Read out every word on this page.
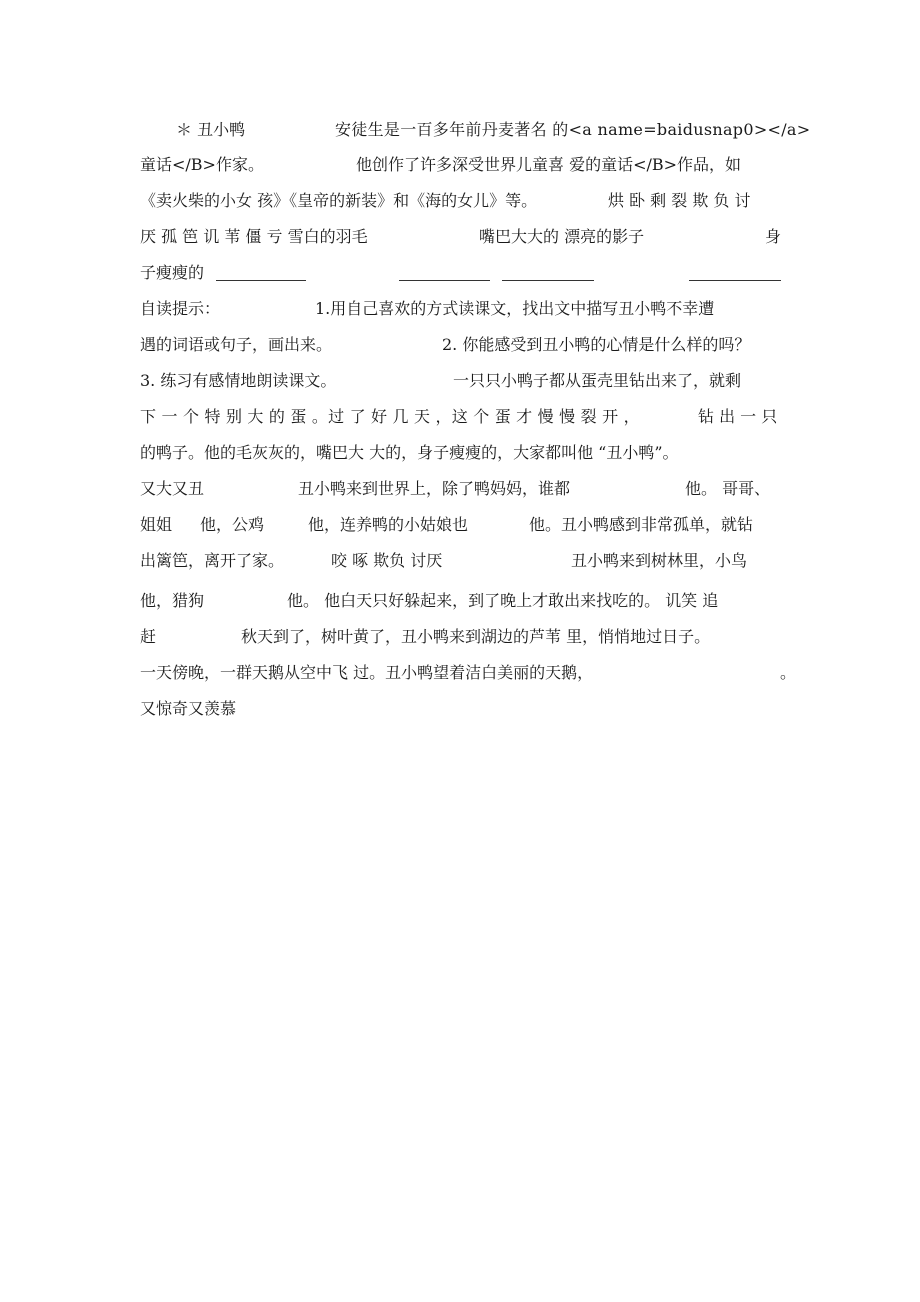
＊ 丑小鸭	安徒生是一百多年前丹麦著名 的<a name=baidusnap0></a>
童话</B>作家。	他创作了许多深受世界儿童喜 爱的童话</B>作品，如
《卖火柴的小女 孩》《皇帝的新装》和《海的女儿》等。	烘 卧 剩 裂 欺 负 讨
厌 孤 笆 讥 苇 僵 亏 雪白的羽毛	嘴巴大大的 漂亮的影子	身
子瘦瘦的
自读提示：	1.用自己喜欢的方式读课文，找出文中描写丑小鸭不幸遭
遇的词语或句子，画出来。	2. 你能感受到丑小鸭的心情是什么样的吗？
3. 练习有感情地朗读课文。	一只只小鸭子都从蛋壳里钻出来了，就剩
下 一 个 特 别 大 的 蛋 。过 了 好 几 天 ，这 个 蛋 才 慢 慢 裂 开 ，	钻 出 一 只
的鸭子。他的毛灰灰的，嘴巴大 大的，身子瘦瘦的，大家都叫他 “丑小鸭”。
又大又丑	丑小鸭来到世界上，除了鸭妈妈，谁都	他。 哥哥、
姐姐 他，公鸡	他，连养鸭的小姑娘也	他。丑小鸭感到非常孤单，就钻
出篱笆，离开了家。	咬 啄 欺负 讨厌	丑小鸭来到树林里，小鸟
他，猎狗	他。 他白天只好躲起来，到了晚上才敢出来找吃的。 讥笑 追
赶	秋天到了，树叶黄了，丑小鸭来到湖边的芦苇 里，悄悄地过日子。
一天傍晚，一群天鹅从空中飞 过。丑小鸭望着洁白美丽的天鹅，	。
又惊奇又羡慕
